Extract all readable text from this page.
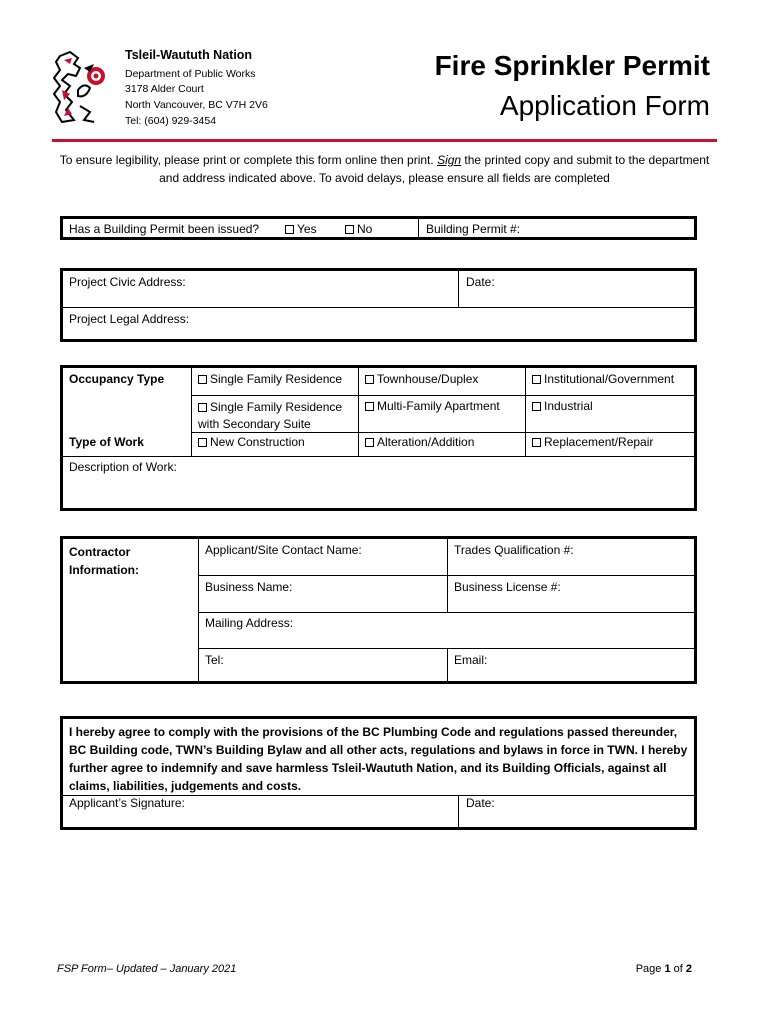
Tsleil-Waututh Nation
Department of Public Works
3178 Alder Court
North Vancouver, BC V7H 2V6
Tel: (604) 929-3454
Fire Sprinkler Permit
Application Form
To ensure legibility, please print or complete this form online then print. Sign the printed copy and submit to the department and address indicated above. To avoid delays, please ensure all fields are completed
Has a Building Permit been issued?	Yes	No	Building Permit #:
Project Civic Address:	Date:
Project Legal Address:
Occupancy Type	Single Family Residence	Townhouse/Duplex	Institutional/Government
Single Family Residence
with Secondary Suite
Multi-Family Apartment	Industrial
Type of Work	New Construction	Alteration/Addition	Replacement/Repair
Description of Work:
Contractor
Information:
Applicant/Site Contact Name:	Trades Qualification #:
Business Name:	Business License #:
Mailing Address:
Tel:	Email:
I hereby agree to comply with the provisions of the BC Plumbing Code and regulations passed thereunder, BC Building code, TWN’s Building Bylaw and all other acts, regulations and bylaws in force in TWN. I hereby further agree to indemnify and save harmless Tsleil-Waututh Nation, and its Building Officials, against all claims, liabilities, judgements and costs.
Applicant’s Signature:	Date:
FSP Form– Updated – January 2021	Page 1 of 2
